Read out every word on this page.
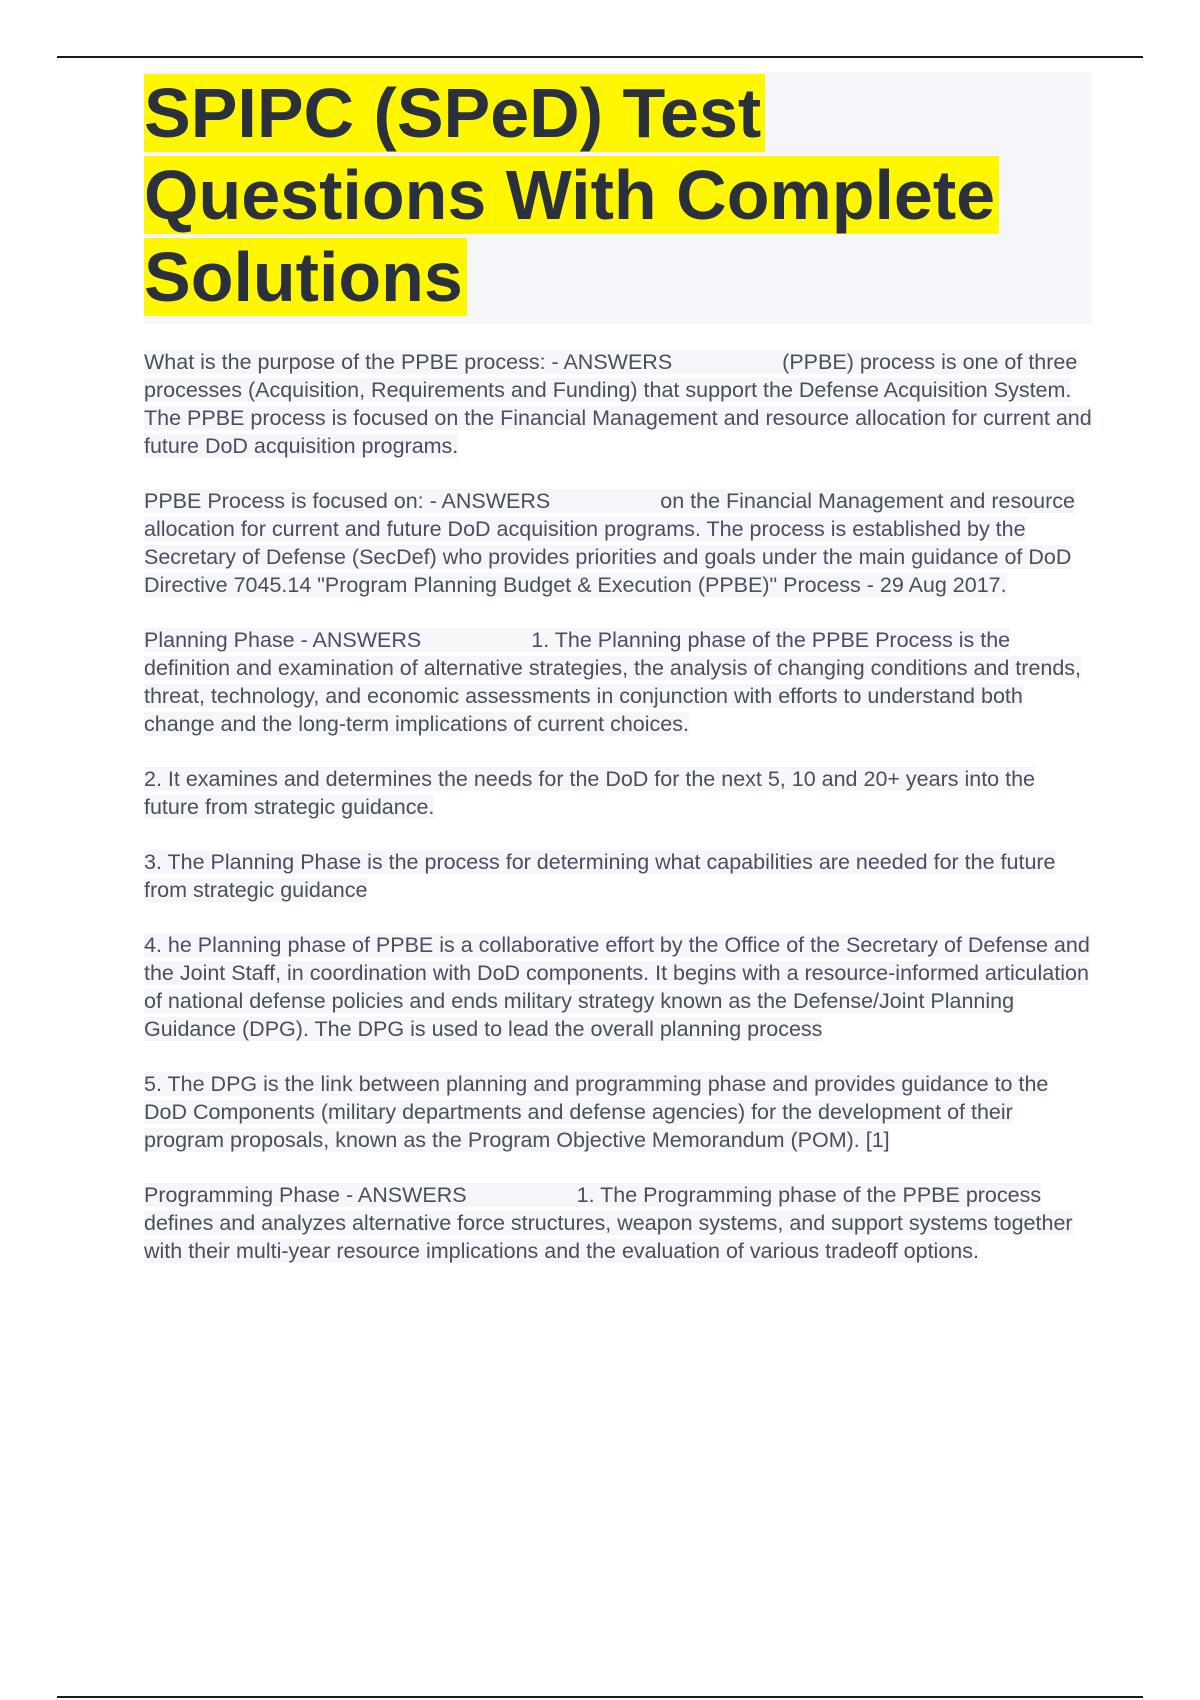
SPIPC (SPeD) Test Questions With Complete Solutions

What is the purpose of the PPBE process: - ANSWERS	(PPBE) process is one of three processes (Acquisition, Requirements and Funding) that support the Defense Acquisition System. The PPBE process is focused on the Financial Management and resource allocation for current and future DoD acquisition programs.

PPBE Process is focused on: - ANSWERS	on the Financial Management and resource allocation for current and future DoD acquisition programs. The process is established by the Secretary of Defense (SecDef) who provides priorities and goals under the main guidance of DoD Directive 7045.14 "Program Planning Budget & Execution (PPBE)" Process - 29 Aug 2017.

Planning Phase - ANSWERS	1. The Planning phase of the PPBE Process is the definition and examination of alternative strategies, the analysis of changing conditions and trends, threat, technology, and economic assessments in conjunction with efforts to understand both change and the long-term implications of current choices.

2. It examines and determines the needs for the DoD for the next 5, 10 and 20+ years into the future from strategic guidance.

3. The Planning Phase is the process for determining what capabilities are needed for the future from strategic guidance

4. he Planning phase of PPBE is a collaborative effort by the Office of the Secretary of Defense and the Joint Staff, in coordination with DoD components. It begins with a resource-informed articulation of national defense policies and ends military strategy known as the Defense/Joint Planning Guidance (DPG). The DPG is used to lead the overall planning process

5. The DPG is the link between planning and programming phase and provides guidance to the DoD Components (military departments and defense agencies) for the development of their program proposals, known as the Program Objective Memorandum (POM). [1]

Programming Phase - ANSWERS	1. The Programming phase of the PPBE process defines and analyzes alternative force structures, weapon systems, and support systems together with their multi-year resource implications and the evaluation of various tradeoff options.
